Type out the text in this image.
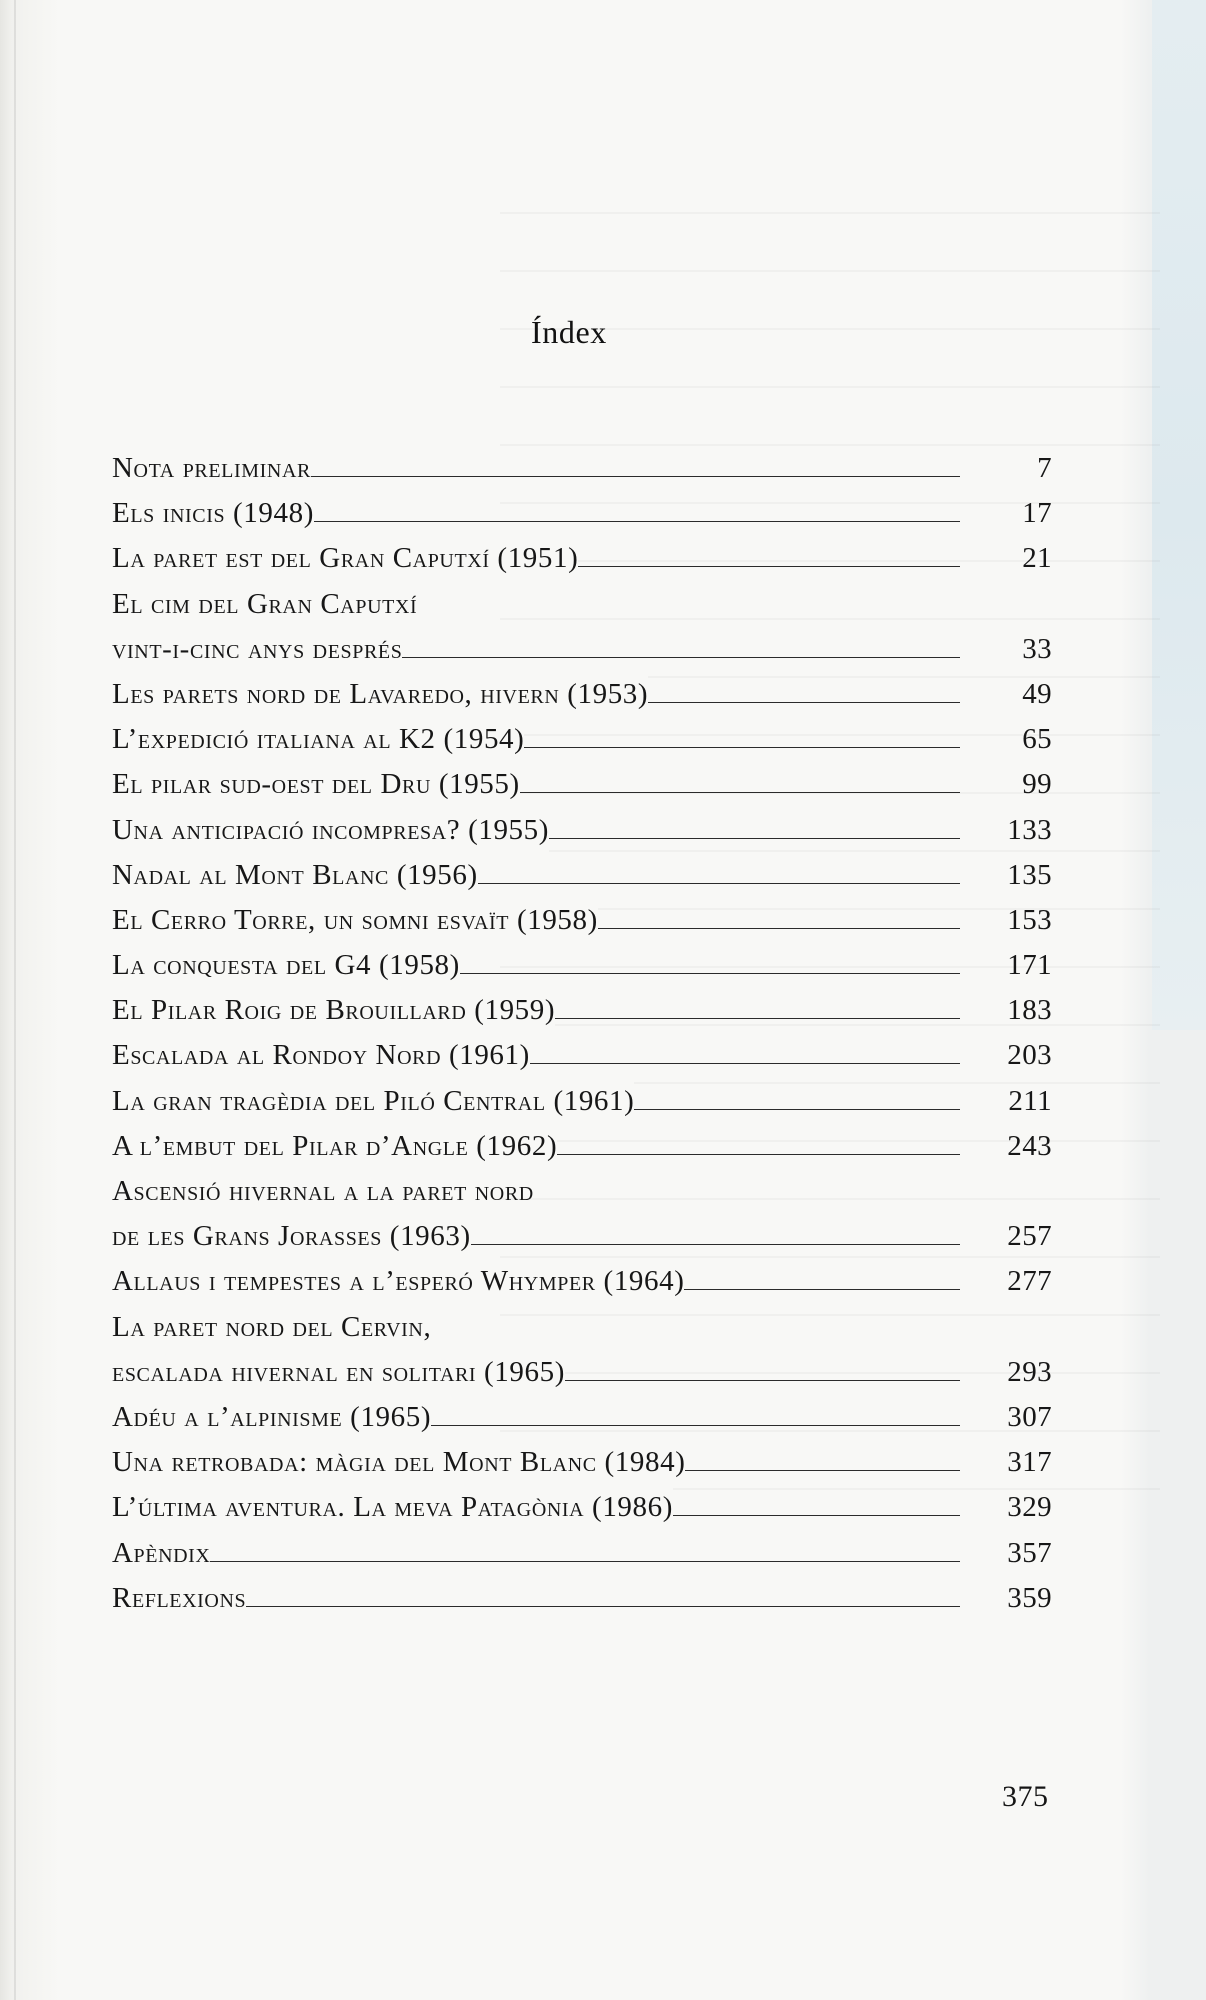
Índex
Nota preliminar	7
Els inicis (1948)	17
La paret est del Gran Caputxí (1951)	21
El cim del Gran Caputxí
vint-i-cinc anys després	33
Les parets nord de Lavaredo, hivern (1953)	49
L’expedició italiana al K2 (1954)	65
El pilar sud-oest del Dru (1955)	99
Una anticipació incompresa? (1955)	133
Nadal al Mont Blanc (1956)	135
El Cerro Torre, un somni esvaït (1958)	153
La conquesta del G4 (1958)	171
El Pilar Roig de Brouillard (1959)	183
Escalada al Rondoy Nord (1961)	203
La gran tragèdia del Piló Central (1961)	211
A l’embut del Pilar d’Angle (1962)	243
Ascensió hivernal a la paret nord
de les Grans Jorasses (1963)	257
Allaus i tempestes a l’esperó Whymper (1964)	277
La paret nord del Cervin,
escalada hivernal en solitari (1965)	293
Adéu a l’alpinisme (1965)	307
Una retrobada: màgia del Mont Blanc (1984)	317
L’última aventura. La meva Patagònia (1986)	329
Apèndix	357
Reflexions	359
375
